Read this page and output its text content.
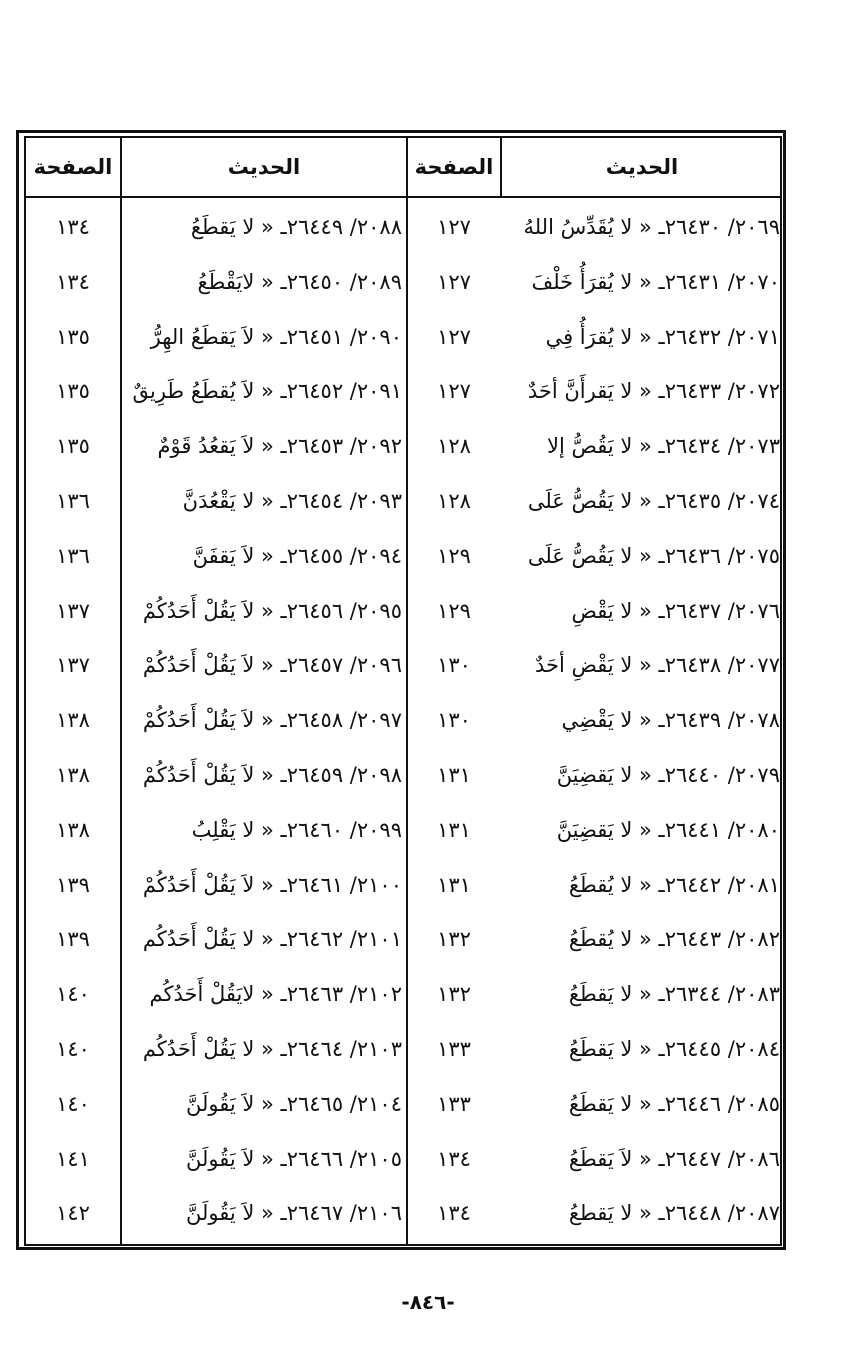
الحديث
الصفحة
الحديث
الصفحة
٢٠٦٩/ ٢٦٤٣٠ـ « لا يُقَدِّسُ اللهُ
١٢٧
٢٠٧٠/ ٢٦٤٣١ـ « لا يُقرَأُ خَلْفَ
١٢٧
٢٠٧١/ ٢٦٤٣٢ـ « لا يُقرَأُ فِي
١٢٧
٢٠٧٢/ ٢٦٤٣٣ـ « لا يَقرأَنَّ أحَدٌ
١٢٧
٢٠٧٣/ ٢٦٤٣٤ـ « لا يَقُصُّ إلا
١٢٨
٢٠٧٤/ ٢٦٤٣٥ـ « لا يَقُصُّ عَلَى
١٢٨
٢٠٧٥/ ٢٦٤٣٦ـ « لا يَقُصُّ عَلَى
١٢٩
٢٠٧٦/ ٢٦٤٣٧ـ « لا يَقْضِ
١٢٩
٢٠٧٧/ ٢٦٤٣٨ـ « لا يَقْضِ أحَدٌ
١٣٠
٢٠٧٨/ ٢٦٤٣٩ـ « لا يَقْضِي
١٣٠
٢٠٧٩/ ٢٦٤٤٠ـ « لا يَقضِيَنَّ
١٣١
٢٠٨٠/ ٢٦٤٤١ـ « لا يَقضِيَنَّ
١٣١
٢٠٨١/ ٢٦٤٤٢ـ « لا يُقطَعُ
١٣١
٢٠٨٢/ ٢٦٤٤٣ـ « لا يُقطَعُ
١٣٢
٢٠٨٣/ ٢٦٣٤٤ـ « لا يَقطَعُ
١٣٢
٢٠٨٤/ ٢٦٤٤٥ـ « لا يَقطَعُ
١٣٣
٢٠٨٥/ ٢٦٤٤٦ـ « لا يَقطَعُ
١٣٣
٢٠٨٦/ ٢٦٤٤٧ـ « لاَ يَقطَعُ
١٣٤
٢٠٨٧/ ٢٦٤٤٨ـ « لا يَقطعُ
١٣٤
٢٠٨٨/ ٢٦٤٤٩ـ « لا يَقطَعُ
١٣٤
٢٠٨٩/ ٢٦٤٥٠ـ « لايَقْطَعُ
١٣٤
٢٠٩٠/ ٢٦٤٥١ـ « لاَ يَقطَعُ الهِرُّ
١٣٥
٢٠٩١/ ٢٦٤٥٢ـ « لاَ يُقطَعُ طَرِيقٌ
١٣٥
٢٠٩٢/ ٢٦٤٥٣ـ « لاَ يَقعُدُ قَوْمٌ
١٣٥
٢٠٩٣/ ٢٦٤٥٤ـ « لا يَقْعُدَنَّ
١٣٦
٢٠٩٤/ ٢٦٤٥٥ـ « لاَ يَقفَنَّ
١٣٦
٢٠٩٥/ ٢٦٤٥٦ـ « لاَ يَقُلْ أَحَدُكُمْ
١٣٧
٢٠٩٦/ ٢٦٤٥٧ـ « لاَ يَقُلْ أَحَدُكُمْ
١٣٧
٢٠٩٧/ ٢٦٤٥٨ـ « لاَ يَقُلْ أَحَدُكُمْ
١٣٨
٢٠٩٨/ ٢٦٤٥٩ـ « لاَ يَقُلْ أَحَدُكُمْ
١٣٨
٢٠٩٩/ ٢٦٤٦٠ـ « لا يَقْلِبُ
١٣٨
٢١٠٠/ ٢٦٤٦١ـ « لاَ يَقُلْ أَحَدُكُمْ
١٣٩
٢١٠١/ ٢٦٤٦٢ـ « لا يَقُلْ أَحَدُكُم
١٣٩
٢١٠٢/ ٢٦٤٦٣ـ « لايَقُلْ أَحَدُكُم
١٤٠
٢١٠٣/ ٢٦٤٦٤ـ « لا يَقُلْ أَحَدُكُم
١٤٠
٢١٠٤/ ٢٦٤٦٥ـ « لاَ يَقُولَنَّ
١٤٠
٢١٠٥/ ٢٦٤٦٦ـ « لاَ يَقُولَنَّ
١٤١
٢١٠٦/ ٢٦٤٦٧ـ « لاَ يَقُولَنَّ
١٤٢
-٨٤٦-
